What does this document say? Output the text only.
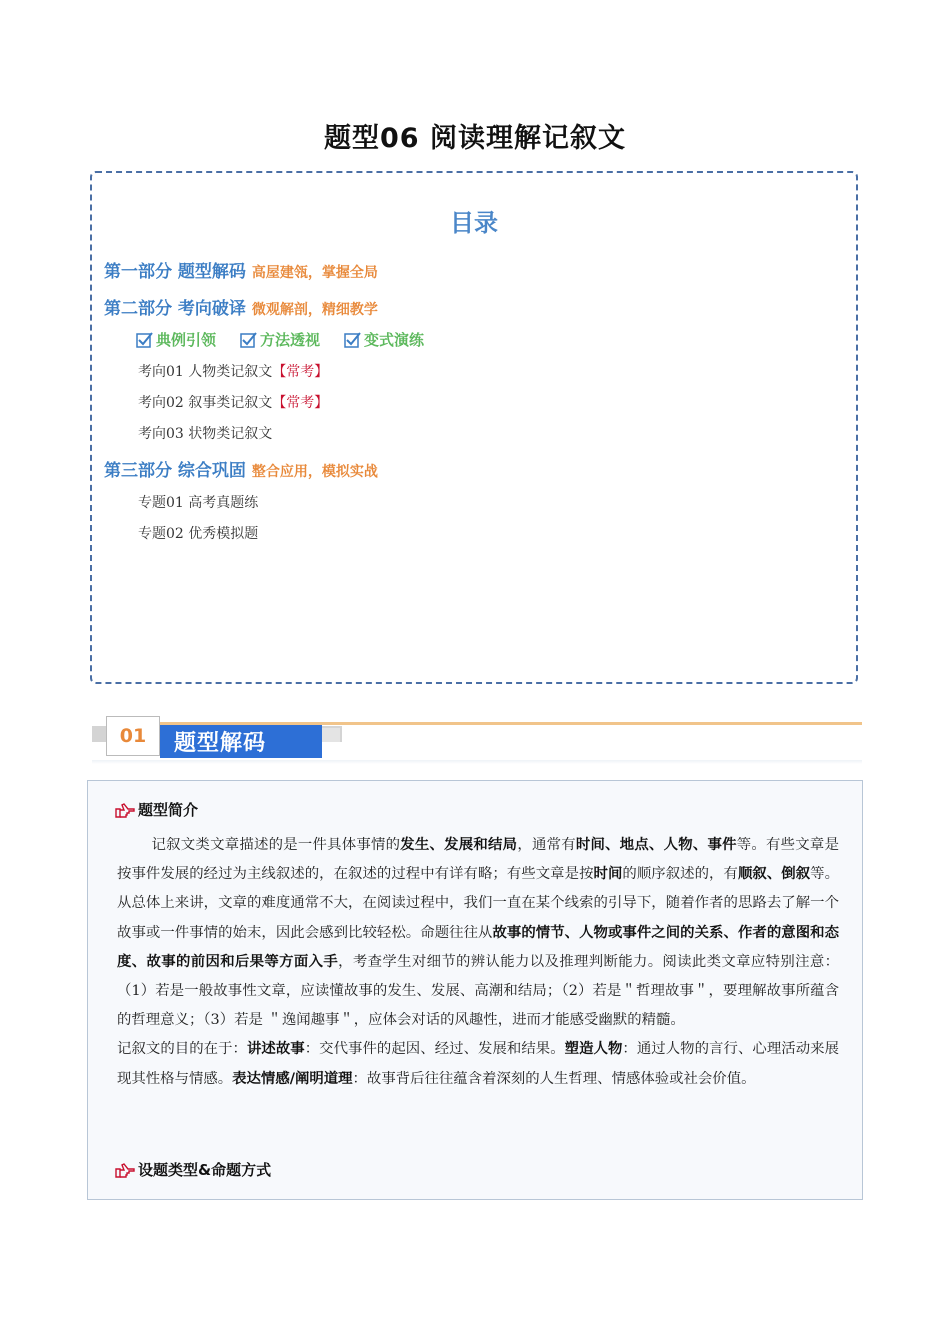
题型06 阅读理解记叙文
目录
第一部分 题型解码 高屋建瓴，掌握全局
第二部分 考向破译 微观解剖，精细教学
典例引领	方法透视	变式演练
考向01 人物类记叙文【常考】
考向02 叙事类记叙文【常考】
考向03 状物类记叙文
第三部分 综合巩固 整合应用，模拟实战
专题01 高考真题练
专题02 优秀模拟题
01	题型解码
题型简介

记叙文类文章描述的是一件具体事情的发生、发展和结局，通常有时间、地点、人物、事件等。有些文章是按事件发展的经过为主线叙述的，在叙述的过程中有详有略；有些文章是按时间的顺序叙述的，有顺叙、倒叙等。从总体上来讲，文章的难度通常不大，在阅读过程中，我们一直在某个线索的引导下，随着作者的思路去了解一个故事或一件事情的始末，因此会感到比较轻松。命题往往从故事的情节、人物或事件之间的关系、作者的意图和态度、故事的前因和后果等方面入手，考查学生对细节的辨认能力以及推理判断能力。阅读此类文章应特别注意：（1）若是一般故事性文章，应读懂故事的发生、发展、高潮和结局；（2）若是＂哲理故事＂，要理解故事所蕴含的哲理意义；（3）若是 ＂逸闻趣事＂，应体会对话的风趣性，进而才能感受幽默的精髓。

记叙文的目的在于：讲述故事：交代事件的起因、经过、发展和结果。塑造人物：通过人物的言行、心理活动来展现其性格与情感。表达情感/阐明道理：故事背后往往蕴含着深刻的人生哲理、情感体验或社会价值。

设题类型&命题方式
